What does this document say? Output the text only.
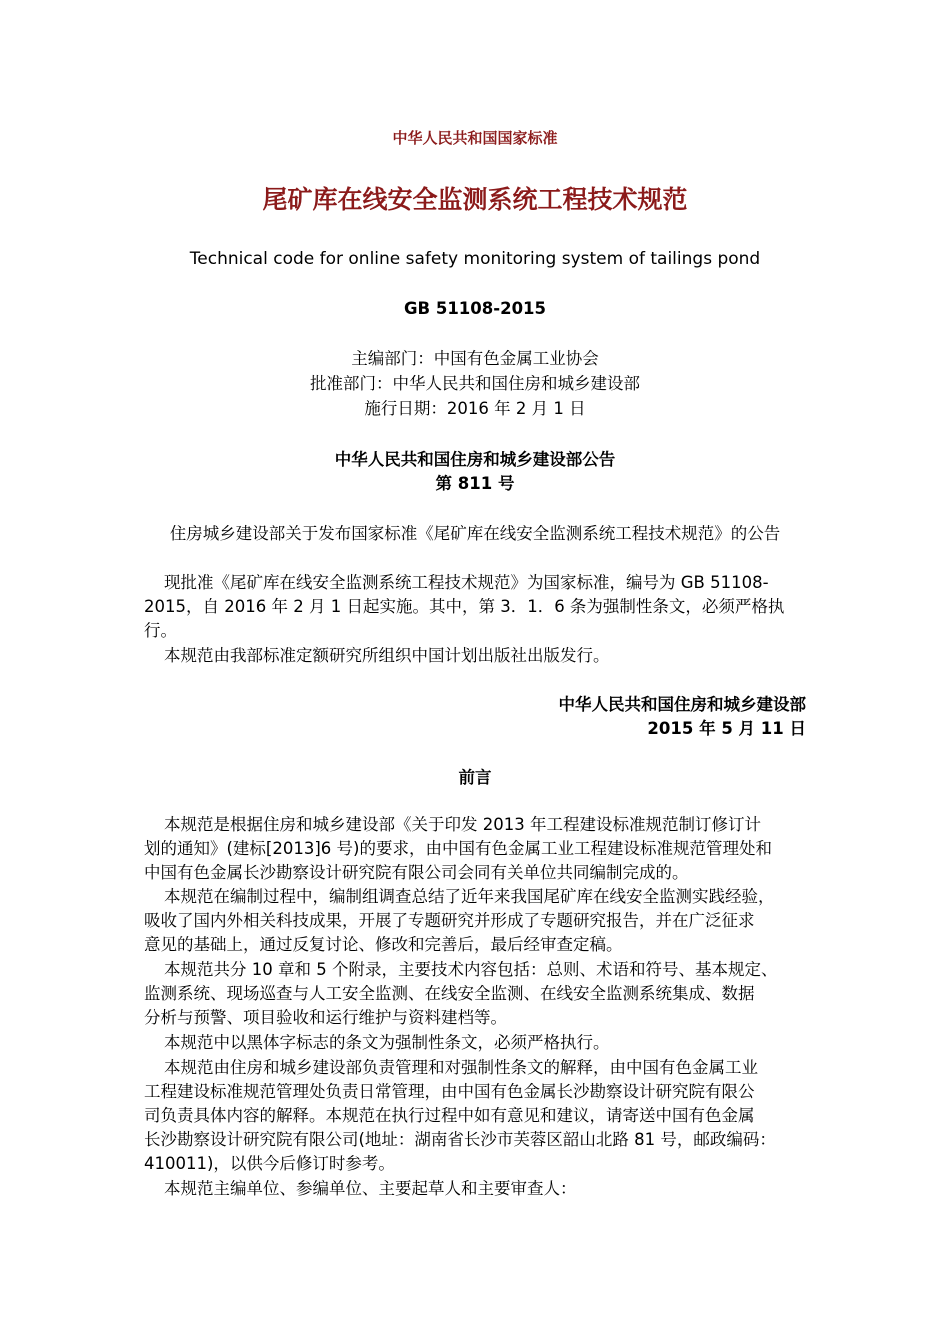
中华人民共和国国家标准
尾矿库在线安全监测系统工程技术规范
Technical code for online safety monitoring system of tailings pond
GB 51108-2015
主编部门：中国有色金属工业协会
批准部门：中华人民共和国住房和城乡建设部
施行日期：2016 年 2 月 1 日
中华人民共和国住房和城乡建设部公告
第 811 号
住房城乡建设部关于发布国家标准《尾矿库在线安全监测系统工程技术规范》的公告
现批准《尾矿库在线安全监测系统工程技术规范》为国家标准，编号为 GB 51108-
2015，自 2016 年 2 月 1 日起实施。其中，第 3．1．6 条为强制性条文，必须严格执
行。
本规范由我部标准定额研究所组织中国计划出版社出版发行。
中华人民共和国住房和城乡建设部
2015 年 5 月 11 日
前言
本规范是根据住房和城乡建设部《关于印发 2013 年工程建设标准规范制订修订计
划的通知》(建标[2013]6 号)的要求，由中国有色金属工业工程建设标准规范管理处和
中国有色金属长沙勘察设计研究院有限公司会同有关单位共同编制完成的。
本规范在编制过程中，编制组调查总结了近年来我国尾矿库在线安全监测实践经验，
吸收了国内外相关科技成果，开展了专题研究并形成了专题研究报告，并在广泛征求
意见的基础上，通过反复讨论、修改和完善后，最后经审查定稿。
本规范共分 10 章和 5 个附录，主要技术内容包括：总则、术语和符号、基本规定、
监测系统、现场巡查与人工安全监测、在线安全监测、在线安全监测系统集成、数据
分析与预警、项目验收和运行维护与资料建档等。
本规范中以黑体字标志的条文为强制性条文，必须严格执行。
本规范由住房和城乡建设部负责管理和对强制性条文的解释，由中国有色金属工业
工程建设标准规范管理处负责日常管理，由中国有色金属长沙勘察设计研究院有限公
司负责具体内容的解释。本规范在执行过程中如有意见和建议，请寄送中国有色金属
长沙勘察设计研究院有限公司(地址：湖南省长沙市芙蓉区韶山北路 81 号，邮政编码：
410011)，以供今后修订时参考。
本规范主编单位、参编单位、主要起草人和主要审查人：
